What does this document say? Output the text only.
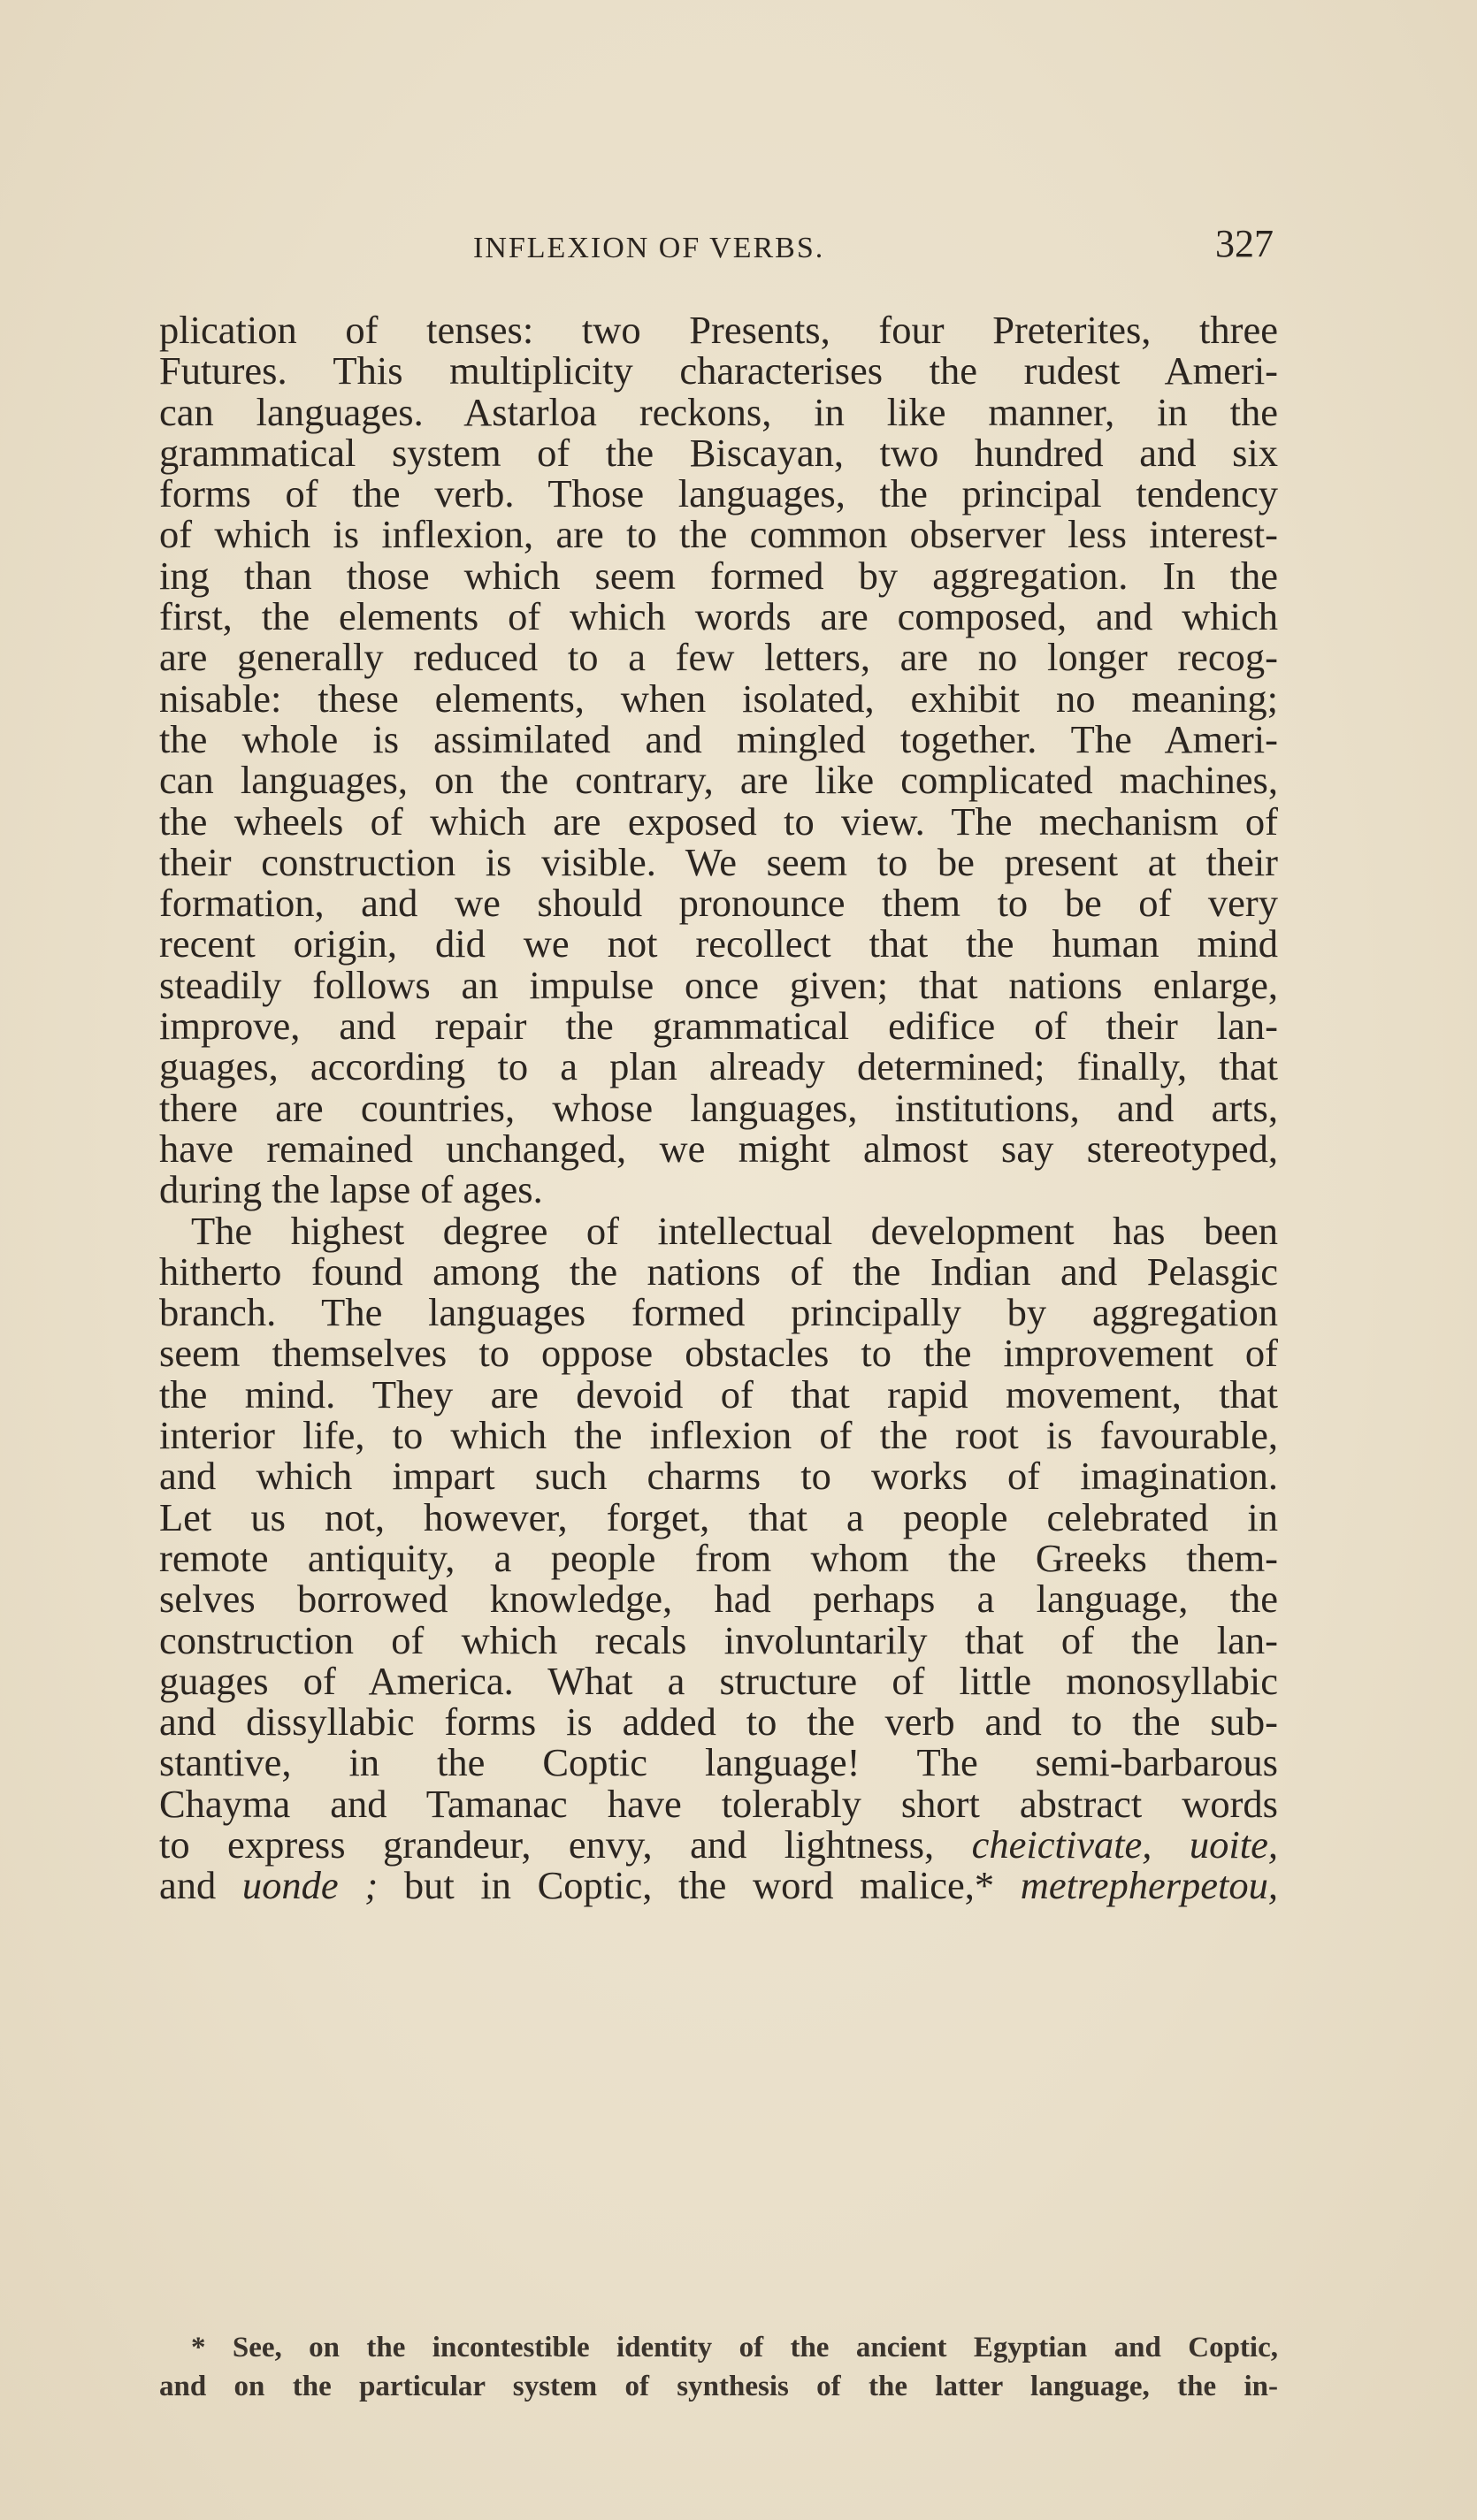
INFLEXION OF VERBS.	327
plication of tenses: two Presents, four Preterites, three
Futures. This multiplicity characterises the rudest Ameri-
can languages. Astarloa reckons, in like manner, in the
grammatical system of the Biscayan, two hundred and six
forms of the verb. Those languages, the principal tendency
of which is inflexion, are to the common observer less interest-
ing than those which seem formed by aggregation. In the
first, the elements of which words are composed, and which
are generally reduced to a few letters, are no longer recog-
nisable: these elements, when isolated, exhibit no meaning;
the whole is assimilated and mingled together. The Ameri-
can languages, on the contrary, are like complicated machines,
the wheels of which are exposed to view. The mechanism of
their construction is visible. We seem to be present at their
formation, and we should pronounce them to be of very
recent origin, did we not recollect that the human mind
steadily follows an impulse once given; that nations enlarge,
improve, and repair the grammatical edifice of their lan-
guages, according to a plan already determined; finally, that
there are countries, whose languages, institutions, and arts,
have remained unchanged, we might almost say stereotyped,
during the lapse of ages.
The highest degree of intellectual development has been
hitherto found among the nations of the Indian and Pelasgic
branch. The languages formed principally by aggregation
seem themselves to oppose obstacles to the improvement of
the mind. They are devoid of that rapid movement, that
interior life, to which the inflexion of the root is favourable,
and which impart such charms to works of imagination.
Let us not, however, forget, that a people celebrated in
remote antiquity, a people from whom the Greeks them-
selves borrowed knowledge, had perhaps a language, the
construction of which recals involuntarily that of the lan-
guages of America. What a structure of little monosyllabic
and dissyllabic forms is added to the verb and to the sub-
stantive, in the Coptic language! The semi-barbarous
Chayma and Tamanac have tolerably short abstract words
to express grandeur, envy, and lightness, cheictivate, uoite,
and uonde ; but in Coptic, the word malice,* metrepherpetou,
* See, on the incontestible identity of the ancient Egyptian and Coptic,
and on the particular system of synthesis of the latter language, the in-
